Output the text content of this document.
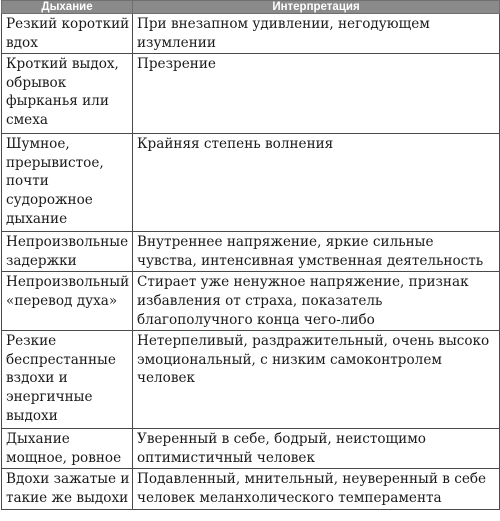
Дыхание	Интерпретация
Резкий короткий вдох	При внезапном удивлении, негодующем изумлении
Кроткий выдох, обрывок фырканья или смеха	Презрение
Шумное, прерывистое, почти судорожное дыхание	Крайняя степень волнения
Непроизвольные задержки	Внутреннее напряжение, яркие сильные чувства, интенсивная умственная деятельность
Непроизвольный «перевод духа»	Стирает уже ненужное напряжение, признак избавления от страха, показатель благополучного конца чего-либо
Резкие беспрестанные вздохи и энергичные выдохи	Нетерпеливый, раздражительный, очень высоко эмоциональный, с низким самоконтролем человек
Дыхание мощное, ровное	Уверенный в себе, бодрый, неистощимо оптимистичный человек
Вдохи зажатые и такие же выдохи	Подавленный, мнительный, неуверенный в себе человек меланхолического темперамента
